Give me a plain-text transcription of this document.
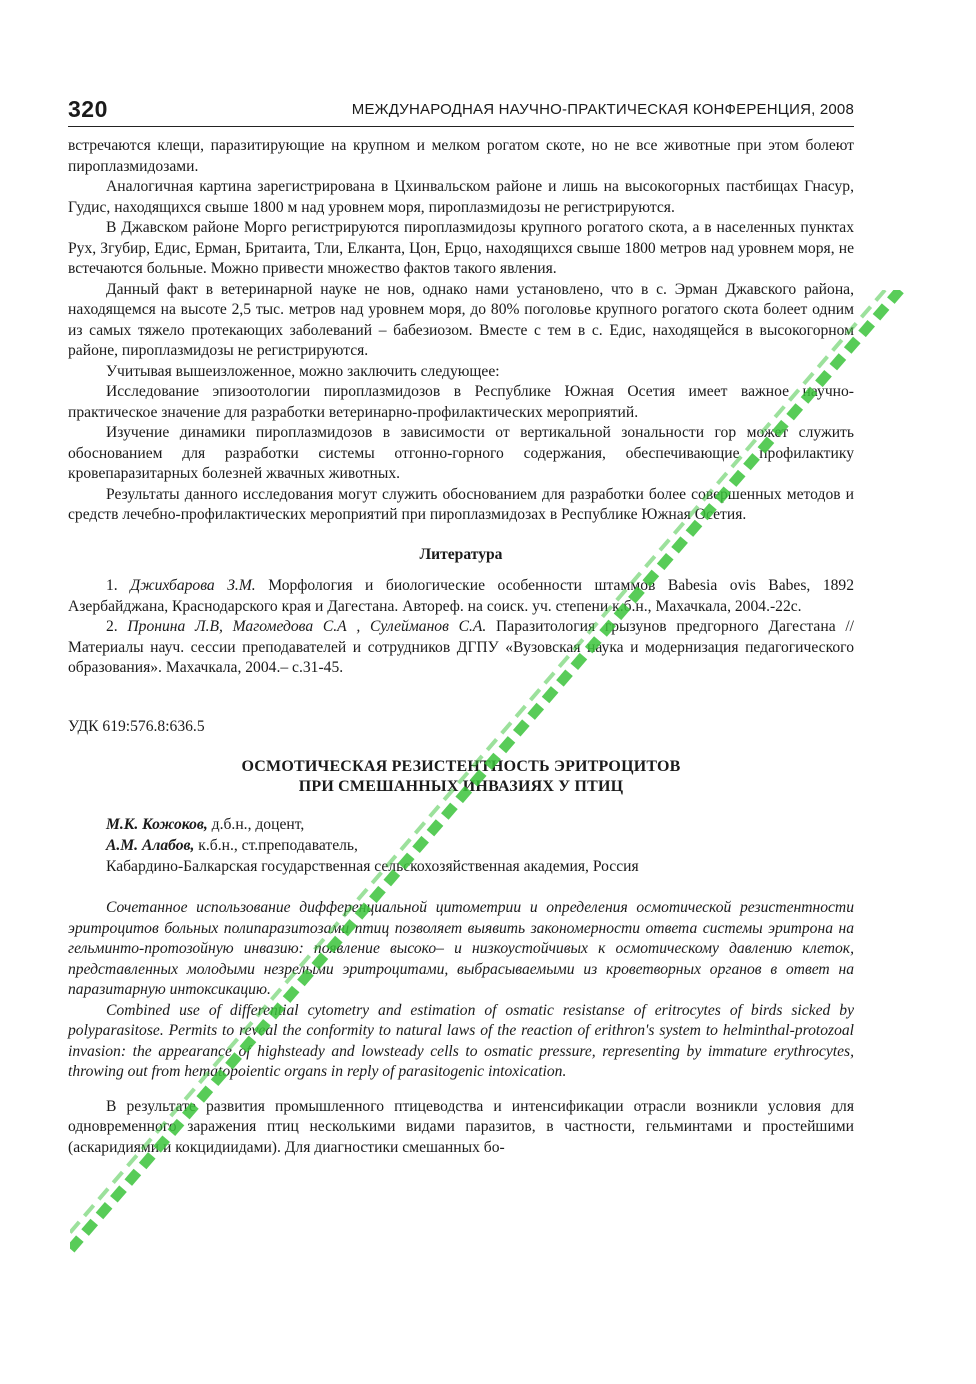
320	МЕЖДУНАРОДНАЯ НАУЧНО-ПРАКТИЧЕСКАЯ КОНФЕРЕНЦИЯ, 2008

встречаются клещи, паразитирующие на крупном и мелком рогатом скоте, но не все животные при этом болеют пироплазмидозами.

Аналогичная картина зарегистрирована в Цхинвальском районе и лишь на высокогорных пастбищах Гнасур, Гудис, находящихся свыше 1800 м над уровнем моря, пироплазмидозы не регистрируются.

В Джавском районе Морго регистрируются пироплазмидозы крупного рогатого скота, а в населенных пунктах Рух, Згубир, Едис, Ерман, Бритаита, Тли, Елканта, Цон, Ерцо, находящихся свыше 1800 метров над уровнем моря, не встечаются больные. Можно привести множество фактов такого явления.

Данный факт в ветеринарной науке не нов, однако нами установлено, что в с. Эрман Джавского района, находящемся на высоте 2,5 тыс. метров над уровнем моря, до 80% поголовье крупного рогатого скота болеет одним из самых тяжело протекающих заболеваний – бабезиозом. Вместе с тем в с. Едис, находящейся в высокогорном районе, пироплазмидозы не регистрируются.

Учитывая вышеизложенное, можно заключить следующее:

Исследование эпизоотологии пироплазмидозов в Республике Южная Осетия имеет важное научно-практическое значение для разработки ветеринарно-профилактических мероприятий.

Изучение динамики пироплазмидозов в зависимости от вертикальной зональности гор может служить обоснованием для разработки системы отгонно-горного содержания, обеспечивающие профилактику кровепаразитарных болезней жвачных животных.

Результаты данного исследования могут служить обоснованием для разработки более совершенных методов и средств лечебно-профилактических мероприятий при пироплазмидозах в Республике Южная Осетия.

Литература

1. Джихбарова З.М. Морфология и биологические особенности штаммов Babesia ovis Babes, 1892 Азербайджана, Краснодарского края и Дагестана. Автореф. на соиск. уч. степени к.б.н., Махачкала, 2004.-22с.

2. Пронина Л.В, Магомедова С.А , Сулейманов С.А. Паразитология грызунов предгорного Дагестана //Материалы науч. сессии преподавателей и сотрудников ДГПУ «Вузовская наука и модернизация педагогического образования». Махачкала, 2004.– с.31-45.

УДК 619:576.8:636.5
ОСМОТИЧЕСКАЯ РЕЗИСТЕНТНОСТЬ ЭРИТРОЦИТОВ
ПРИ СМЕШАННЫХ ИНВАЗИЯХ У ПТИЦ
М.К. Кожоков, д.б.н., доцент,
А.М. Алабов, к.б.н., ст.преподаватель,
Кабардино-Балкарская государственная сельскохозяйственная академия, Россия

Сочетанное использование дифференциальной цитометрии и определения осмотической резистентности эритроцитов больных полипаразитозами птиц позволяет выявить закономерности ответа системы эритрона на гельминто-протозойную инвазию: появление высоко– и низкоустойчивых к осмотическому давлению клеток, представленных молодыми незрелыми эритроцитами, выбрасываемыми из кроветворных органов в ответ на паразитарную интоксикацию.

Combined use of differential cytometry and estimation of osmatic resistanse of eritrocytes of birds sicked by polyparasitose. Permits to reveal the conformity to natural laws of the reaction of erithron's system to helminthal-protozoal invasion: the appearance of highsteady and lowsteady cells to osmatic pressure, representing by immature erythrocytes, throwing out from hematopoientic organs in reply of parasitogenic intoxication.

В результате развития промышленного птицеводства и интенсификации отрасли возникли условия для одновременного заражения птиц несколькими видами паразитов, в частности, гельминтами и простейшими (аскаридиями и кокцидиидами). Для диагностики смешанных бо-
